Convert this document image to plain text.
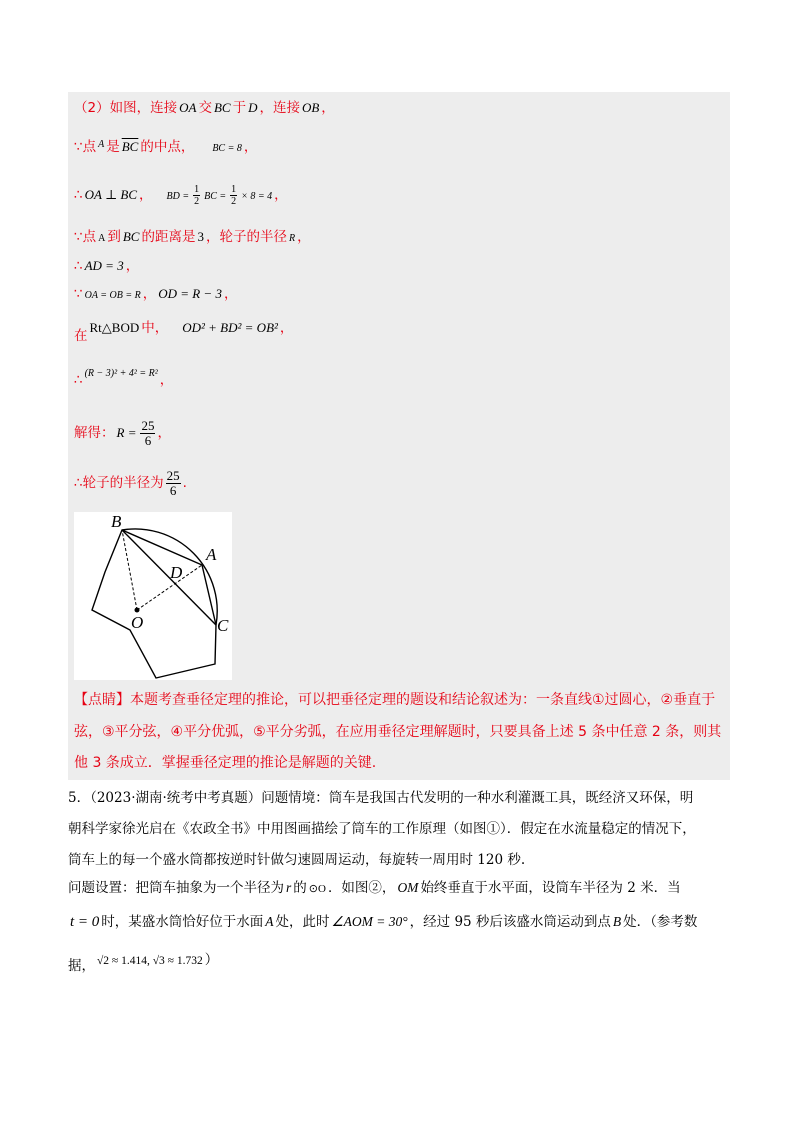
（2）如图，连接 OA 交 BC 于 D ，连接 OB ，
∵点 $^A$ 是 $\overline{BC}$ 的中点， BC = 8 ，
∴ OA ⊥ BC ， BD = $\frac{1}{2}$ BC = $\frac{1}{2} \times 8 = 4$ ，
∵点 A 到 BC 的距离是 3 ，轮子的半径 R ，
∴ AD = 3 ，
∵ OA = OB = R ， OD = R − 3 ，
在Rt△BOD 中， OD² + BD² = OB² ，
∴ $^{(R - 3)^2 + 4^2 = R^2}$ ，
解得： $R = \frac{25}{6}$ ，
∴轮子的半径为 $\frac{25}{6}$ .
B
A
D
O	C
【点睛】本题考查垂径定理的推论，可以把垂径定理的题设和结论叙述为：一条直线①过圆心，②垂直于
弦，③平分弦，④平分优弧，⑤平分劣弧，在应用垂径定理解题时，只要具备上述 5 条中任意 2 条，则其
他 3 条成立．掌握垂径定理的推论是解题的关键.
5．（2023·湖南·统考中考真题）问题情境：筒车是我国古代发明的一种水利灌溉工具，既经济又环保，明
朝科学家徐光启在《农政全书》中用图画描绘了筒车的工作原理（如图①）．假定在水流量稳定的情况下，
筒车上的每一个盛水筒都按逆时针做匀速圆周运动，每旋转一周用时 120 秒.
问题设置：把筒车抽象为一个半径为 r 的 ⊙O ．如图②， OM 始终垂直于水平面，设筒车半径为 2 米．当
t = 0 时，某盛水筒恰好位于水面 A 处，此时 ∠AOM = 30° ，经过 95 秒后该盛水筒运动到点 B 处．（参考数
据， √2 ≈ 1.414, √3 ≈ 1.732 ）
